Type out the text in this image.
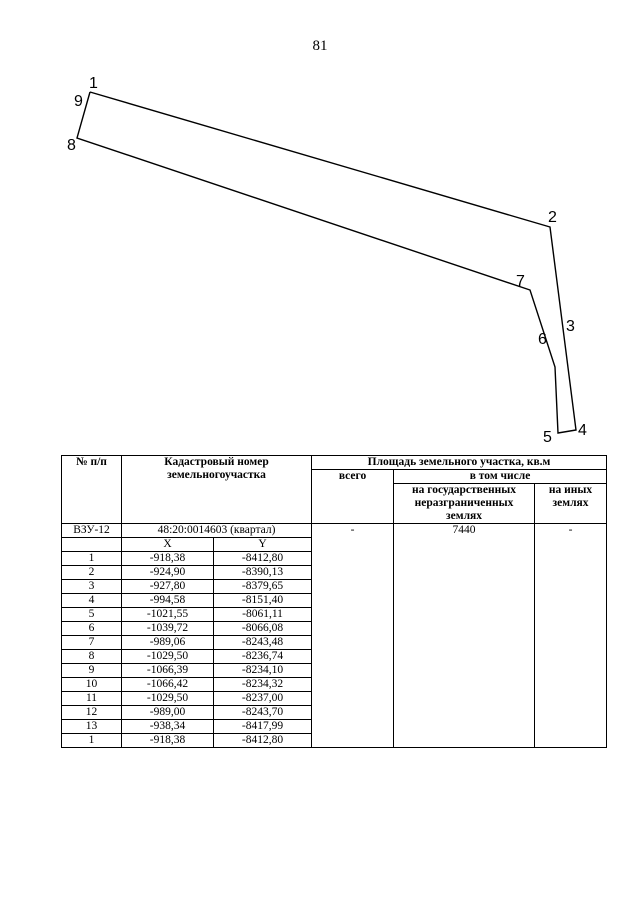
81
1
2
3
4
5
6
7
8
9
№ п/п	Кадастровый номер земельногоучастка		Площадь земельного участка, кв.м		
			всего	в том числе	
				на государственных неразграниченных землях	на иных землях
ВЗУ-12	48:20:0014603 (квартал)		-	7440	-
	X	Y			
1	-918,38	-8412,80			
2	-924,90	-8390,13			
3	-927,80	-8379,65			
4	-994,58	-8151,40			
5	-1021,55	-8061,11			
6	-1039,72	-8066,08			
7	-989,06	-8243,48			
8	-1029,50	-8236,74			
9	-1066,39	-8234,10			
10	-1066,42	-8234,32			
11	-1029,50	-8237,00			
12	-989,00	-8243,70			
13	-938,34	-8417,99			
1	-918,38	-8412,80			
